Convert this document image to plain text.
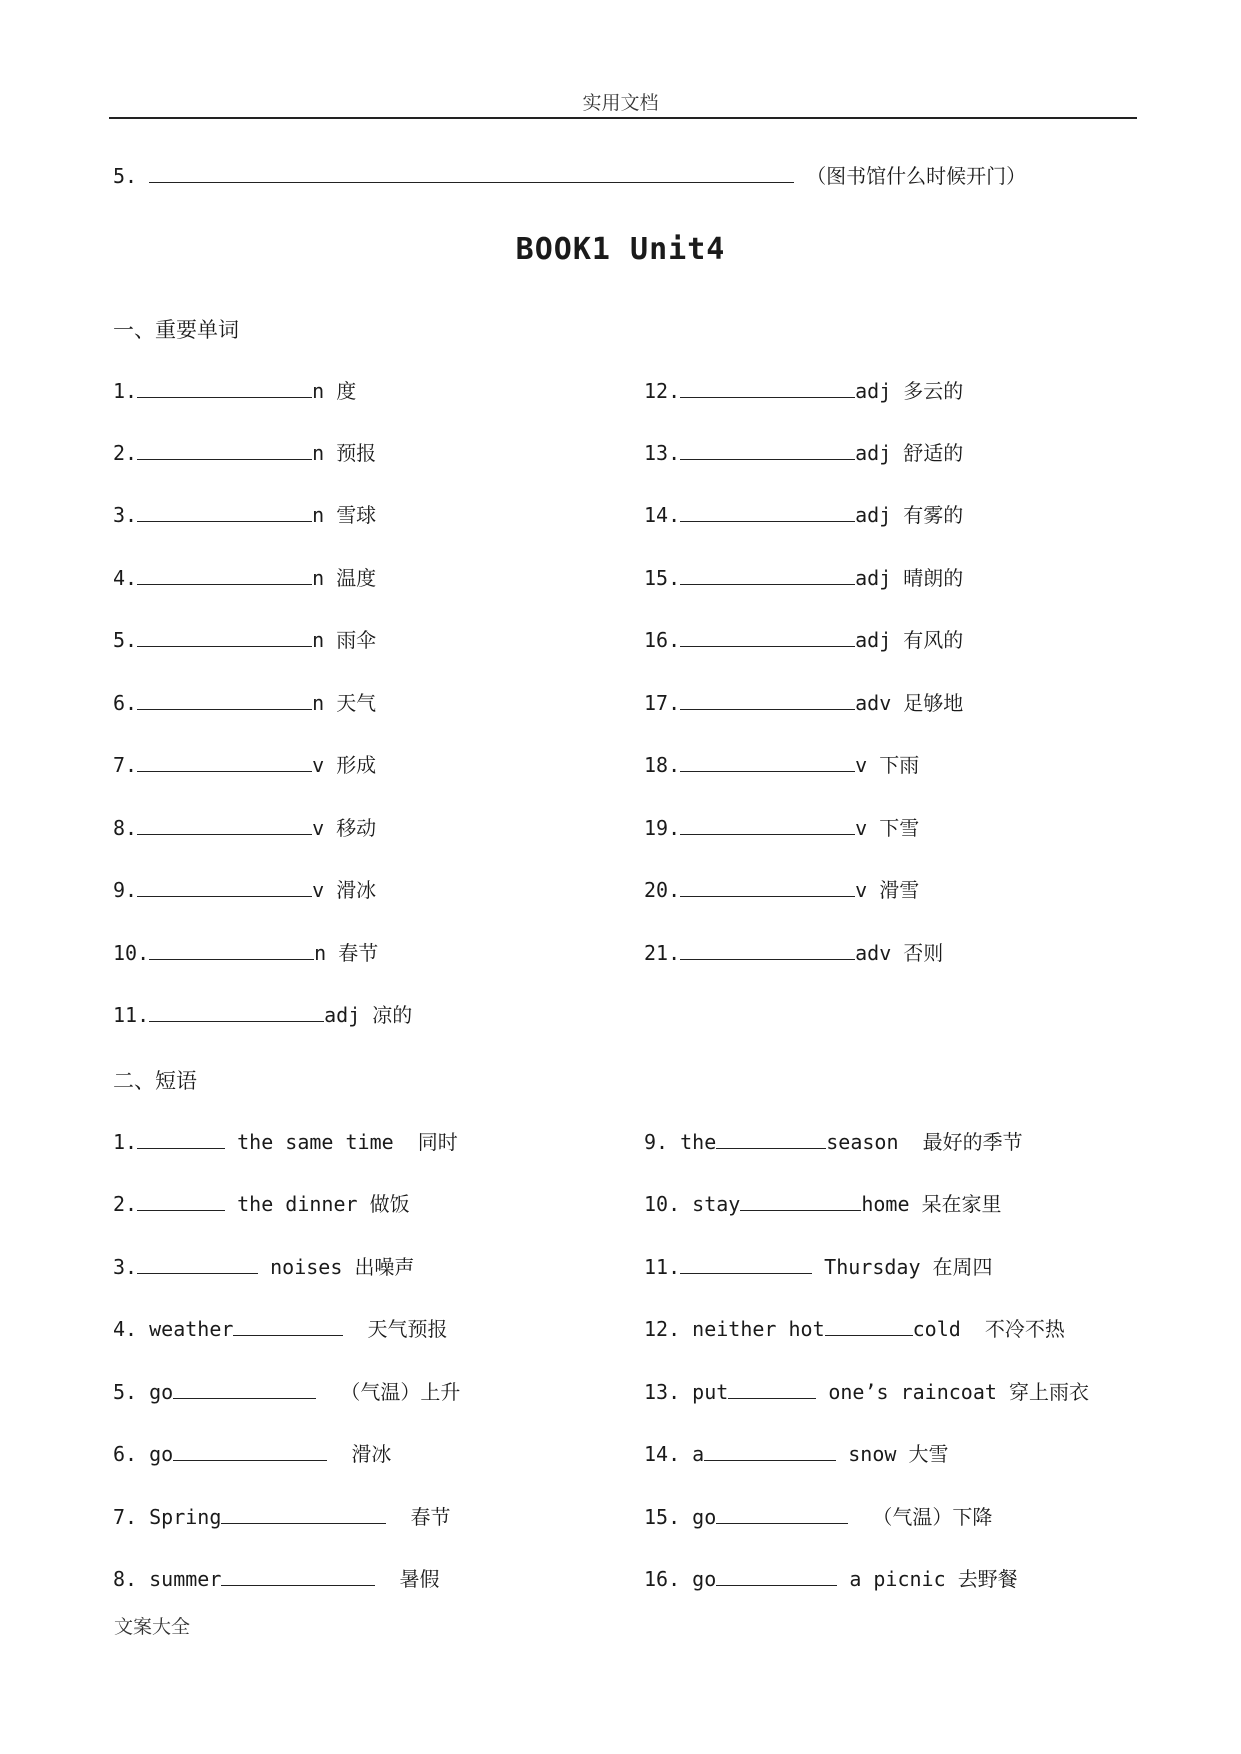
实用文档
5.	（图书馆什么时候开门）
BOOK1 Unit4
一、重要单词
1.	n 度
2.	n 预报
3.	n 雪球
4.	n 温度
5.	n 雨伞
6.	n 天气
7.	v 形成
8.	v 移动
9.	v 滑冰
10.	n 春节
11.	adj 凉的
12.	adj 多云的
13.	adj 舒适的
14.	adj 有雾的
15.	adj 晴朗的
16.	adj 有风的
17.	adv 足够地
18.	v 下雨
19.	v 下雪
20.	v 滑雪
21.	adv 否则
二、短语
1.	the same time 同时
2.	the dinner 做饭
3.	noises 出噪声
4. weather	天气预报
5. go	（气温）上升
6. go	滑冰
7. Spring	春节
8. summer	暑假
9. the	season 最好的季节
10. stay	home 呆在家里
11.	Thursday 在周四
12. neither hot	cold 不冷不热
13. put	one’s raincoat 穿上雨衣
14. a	snow 大雪
15. go	（气温）下降
16. go	a picnic 去野餐
文案大全
